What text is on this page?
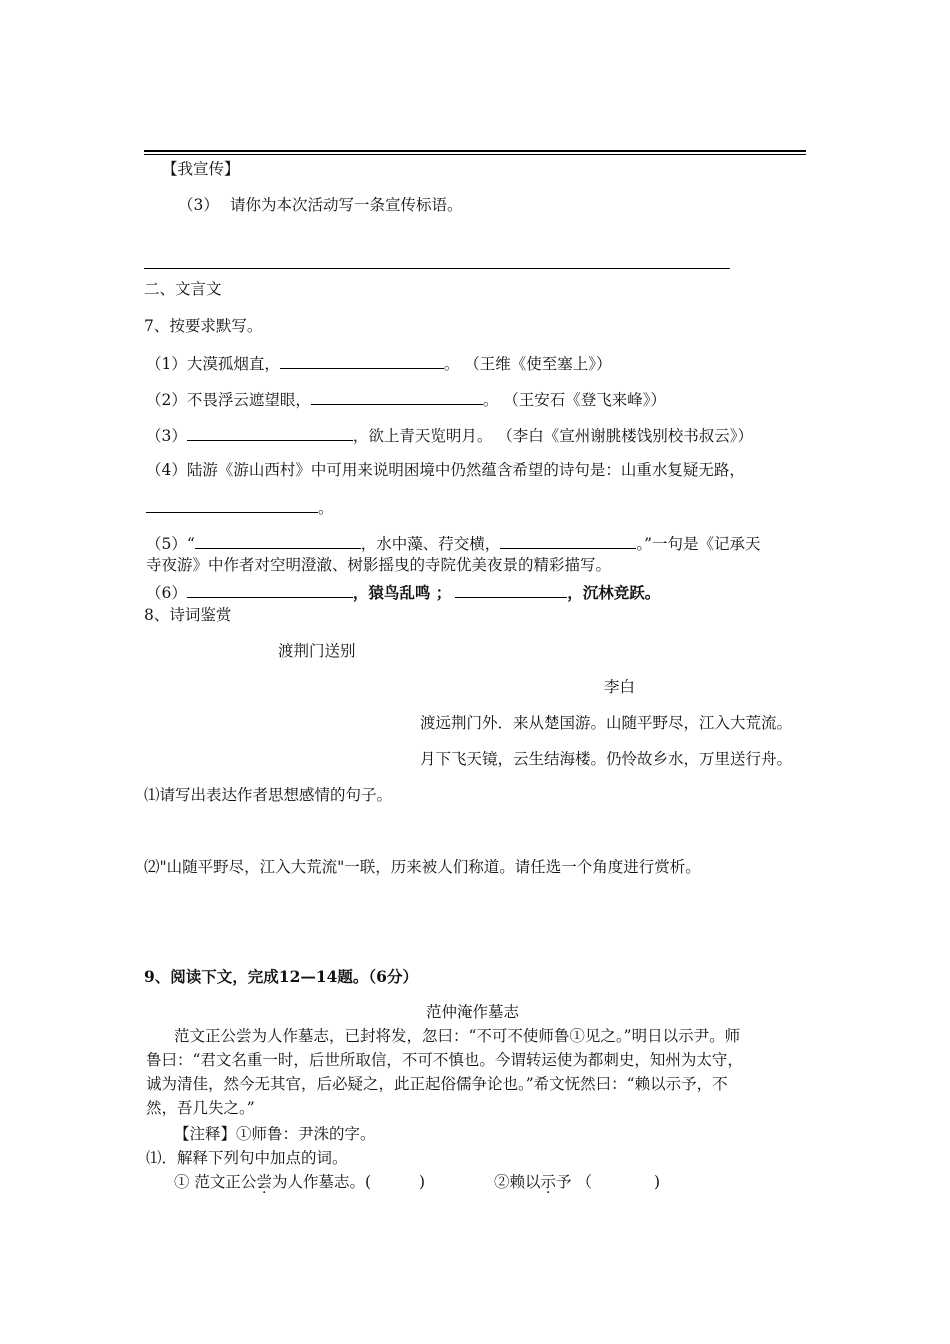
【我宣传】
（3） 请你为本次活动写一条宣传标语。
二、文言文
7、按要求默写。
（1）大漠孤烟直，	。 （王维《使至塞上》）
（2）不畏浮云遮望眼，	。 （王安石《登飞来峰》）
（3）	，欲上青天览明月。 （李白《宣州谢朓楼饯别校书叔云》）
（4）陆游《游山西村》中可用来说明困境中仍然蕴含希望的诗句是：山重水复疑无路，
。
（5）“	，水中藻、荇交横，	。”一句是《记承天
寺夜游》中作者对空明澄澈、树影摇曳的寺院优美夜景的精彩描写。
（6）	，猿鸟乱鸣 ；	，沉林竞跃。
8、诗词鉴赏
渡荆门送别
李白
渡远荆门外．来从楚国游。山随平野尽，江入大荒流。
月下飞天镜，云生结海楼。仍怜故乡水，万里送行舟。
⑴请写出表达作者思想感情的句子。
⑵"山随平野尽，江入大荒流"一联，历来被人们称道。请任选一个角度进行赏析。
9、阅读下文，完成12—14题。（6分）
范仲淹作墓志
范文正公尝为人作墓志，已封将发，忽曰：“不可不使师鲁①见之。”明日以示尹。师
鲁曰：“君文名重一时，后世所取信，不可不慎也。今谓转运使为都刺史，知州为太守，
诚为清佳，然今无其官，后必疑之，此正起俗儒争论也。”希文怃然曰：“赖以示予，不
然，吾几失之。”
【注释】①师鲁：尹洙的字。
⑴．解释下列句中加点的词。
① 范文正公尝为人作墓志。(	)	②赖以示予 （	)
